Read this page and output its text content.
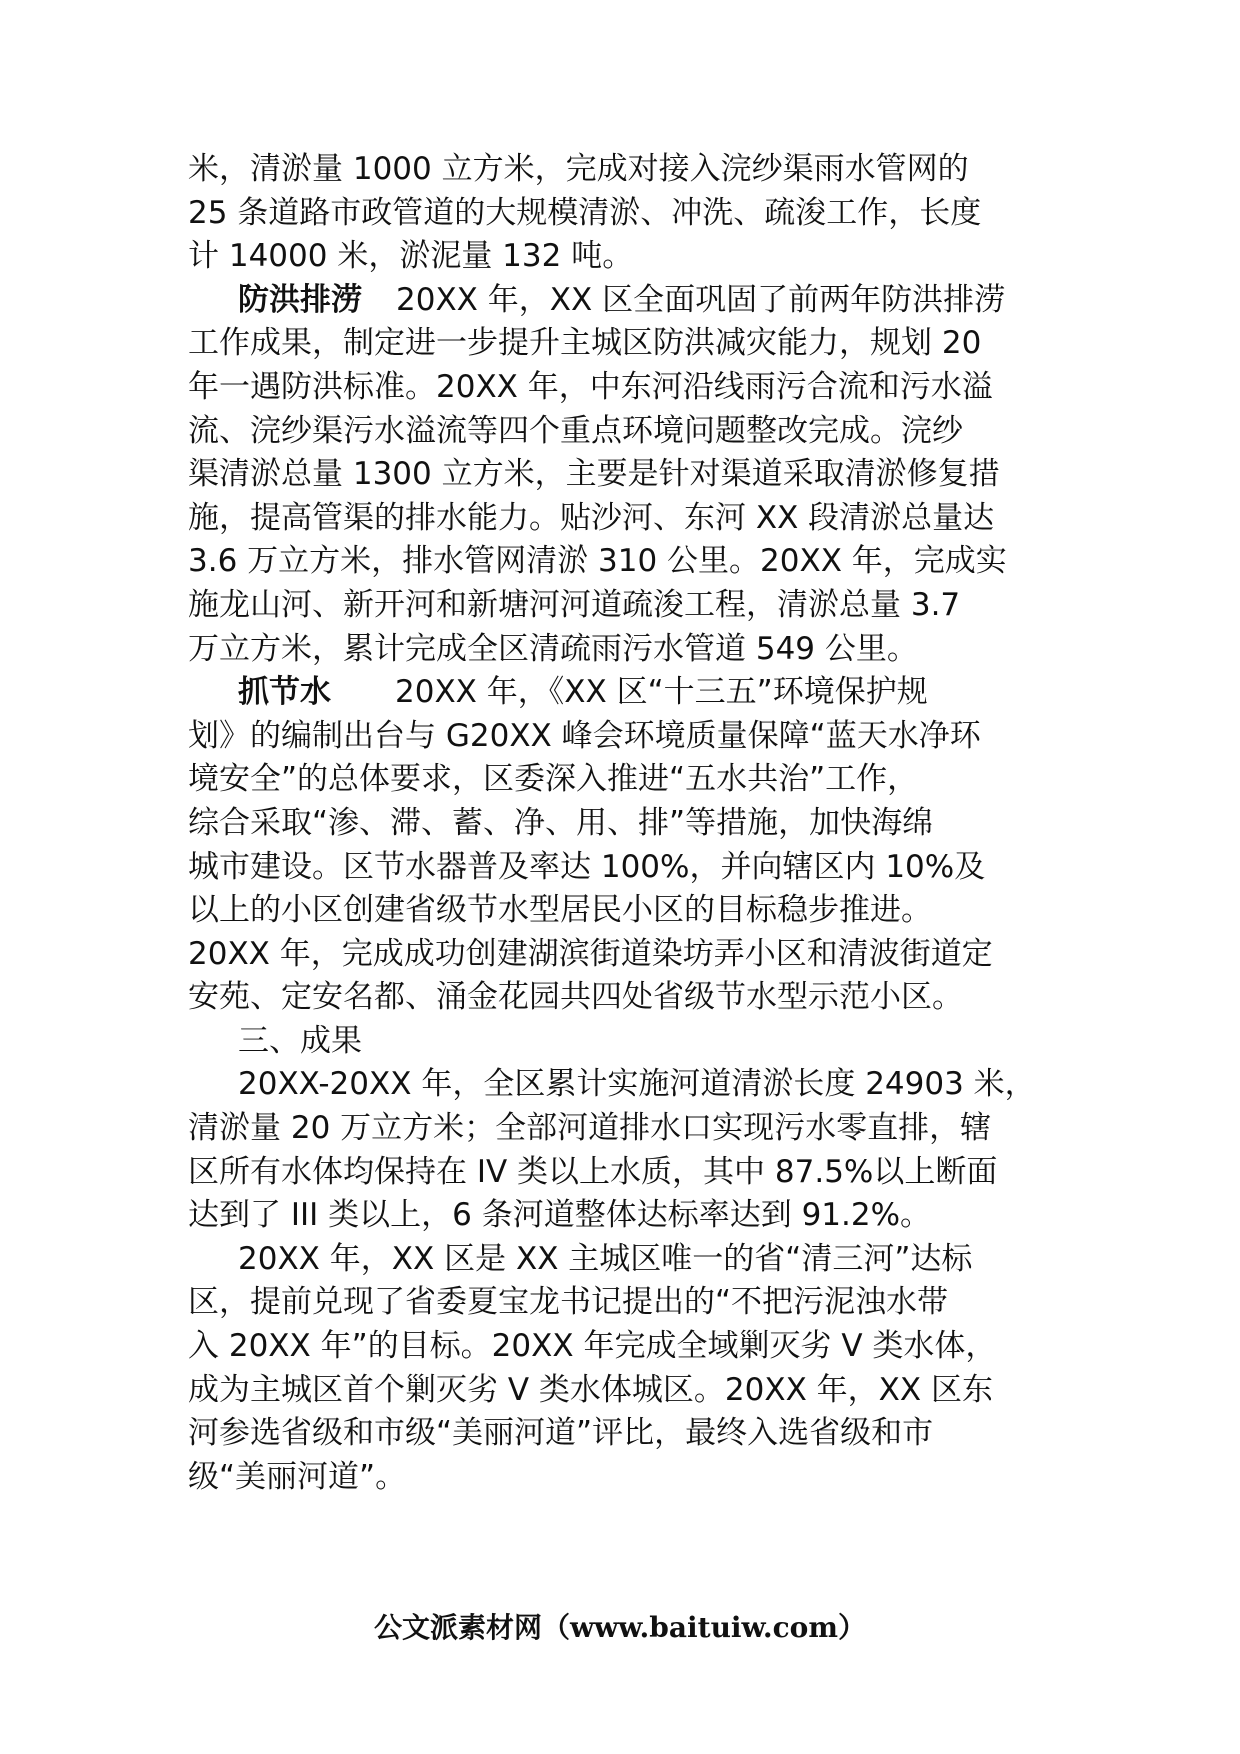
米，清淤量 1000 立方米，完成对接入浣纱渠雨水管网的
25 条道路市政管道的大规模清淤、冲洗、疏浚工作，长度
计 14000 米，淤泥量 132 吨。
防洪排涝 20XX 年，XX 区全面巩固了前两年防洪排涝
工作成果，制定进一步提升主城区防洪减灾能力，规划 20
年一遇防洪标准。20XX 年，中东河沿线雨污合流和污水溢
流、浣纱渠污水溢流等四个重点环境问题整改完成。浣纱
渠清淤总量 1300 立方米，主要是针对渠道采取清淤修复措
施，提高管渠的排水能力。贴沙河、东河 XX 段清淤总量达
3.6 万立方米，排水管网清淤 310 公里。20XX 年，完成实
施龙山河、新开河和新塘河河道疏浚工程，清淤总量 3.7
万立方米，累计完成全区清疏雨污水管道 549 公里。
抓节水 20XX 年，《XX 区“十三五”环境保护规
划》的编制出台与 G20XX 峰会环境质量保障“蓝天水净环
境安全”的总体要求，区委深入推进“五水共治”工作，
综合采取“渗、滞、蓄、净、用、排”等措施，加快海绵
城市建设。区节水器普及率达 100%，并向辖区内 10%及
以上的小区创建省级节水型居民小区的目标稳步推进。
20XX 年，完成成功创建湖滨街道染坊弄小区和清波街道定
安苑、定安名都、涌金花园共四处省级节水型示范小区。
三、成果
20XX-20XX 年，全区累计实施河道清淤长度 24903 米，
清淤量 20 万立方米；全部河道排水口实现污水零直排，辖
区所有水体均保持在 IV 类以上水质，其中 87.5%以上断面
达到了 III 类以上，6 条河道整体达标率达到 91.2%。
20XX 年，XX 区是 XX 主城区唯一的省“清三河”达标
区，提前兑现了省委夏宝龙书记提出的“不把污泥浊水带
入 20XX 年”的目标。20XX 年完成全域剿灭劣 V 类水体，
成为主城区首个剿灭劣 V 类水体城区。20XX 年，XX 区东
河参选省级和市级“美丽河道”评比，最终入选省级和市
级“美丽河道”。
公文派素材网（www.baituiw.com）
